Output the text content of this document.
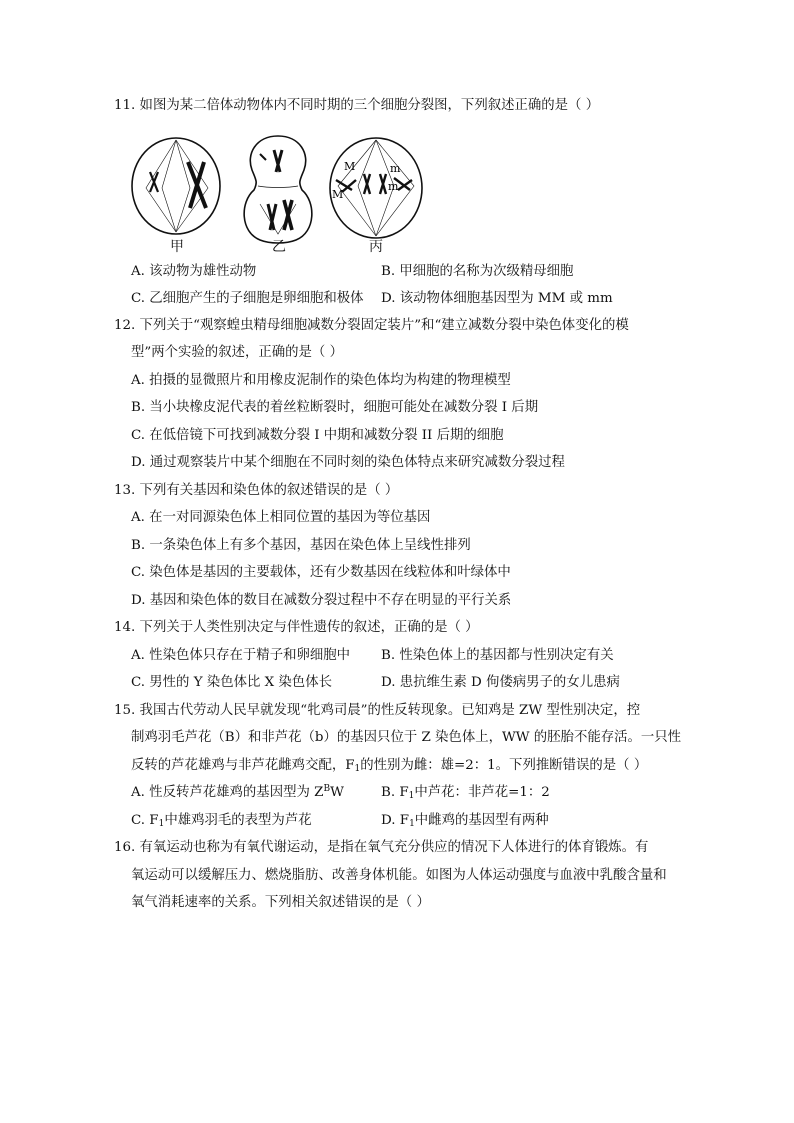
11. 如图为某二倍体动物体内不同时期的三个细胞分裂图，下列叙述正确的是（ ）
M
M
m
m
甲	乙	丙
A. 该动物为雄性动物	B. 甲细胞的名称为次级精母细胞
C. 乙细胞产生的子细胞是卵细胞和极体 D. 该动物体细胞基因型为 MM 或 mm
12. 下列关于“观察蝗虫精母细胞减数分裂固定装片”和“建立减数分裂中染色体变化的模
型”两个实验的叙述，正确的是（ ）
A. 拍摄的显微照片和用橡皮泥制作的染色体均为构建的物理模型
B. 当小块橡皮泥代表的着丝粒断裂时，细胞可能处在减数分裂 I 后期
C. 在低倍镜下可找到减数分裂 I 中期和减数分裂 II 后期的细胞
D. 通过观察装片中某个细胞在不同时刻的染色体特点来研究减数分裂过程
13. 下列有关基因和染色体的叙述错误的是（ ）
A. 在一对同源染色体上相同位置的基因为等位基因
B. 一条染色体上有多个基因，基因在染色体上呈线性排列
C. 染色体是基因的主要载体，还有少数基因在线粒体和叶绿体中
D. 基因和染色体的数目在减数分裂过程中不存在明显的平行关系
14. 下列关于人类性别决定与伴性遗传的叙述，正确的是（ ）
A. 性染色体只存在于精子和卵细胞中 B. 性染色体上的基因都与性别决定有关
C. 男性的 Y 染色体比 X 染色体长	D. 患抗维生素 D 佝偻病男子的女儿患病
15. 我国古代劳动人民早就发现“牝鸡司晨”的性反转现象。已知鸡是 ZW 型性别决定，控
制鸡羽毛芦花（B）和非芦花（b）的基因只位于 Z 染色体上，WW 的胚胎不能存活。一只性
反转的芦花雄鸡与非芦花雌鸡交配，$F_1$的性别为雌：雄=2：1。下列推断错误的是（ ）
A. 性反转芦花雄鸡的基因型为 $Z^BW$	B. $F_1$中芦花：非芦花=1：2
C. $F_1$中雄鸡羽毛的表型为芦花	D. $F_1$中雌鸡的基因型有两种
16. 有氧运动也称为有氧代谢运动，是指在氧气充分供应的情况下人体进行的体育锻炼。有
氧运动可以缓解压力、燃烧脂肪、改善身体机能。如图为人体运动强度与血液中乳酸含量和
氧气消耗速率的关系。下列相关叙述错误的是（ ）
